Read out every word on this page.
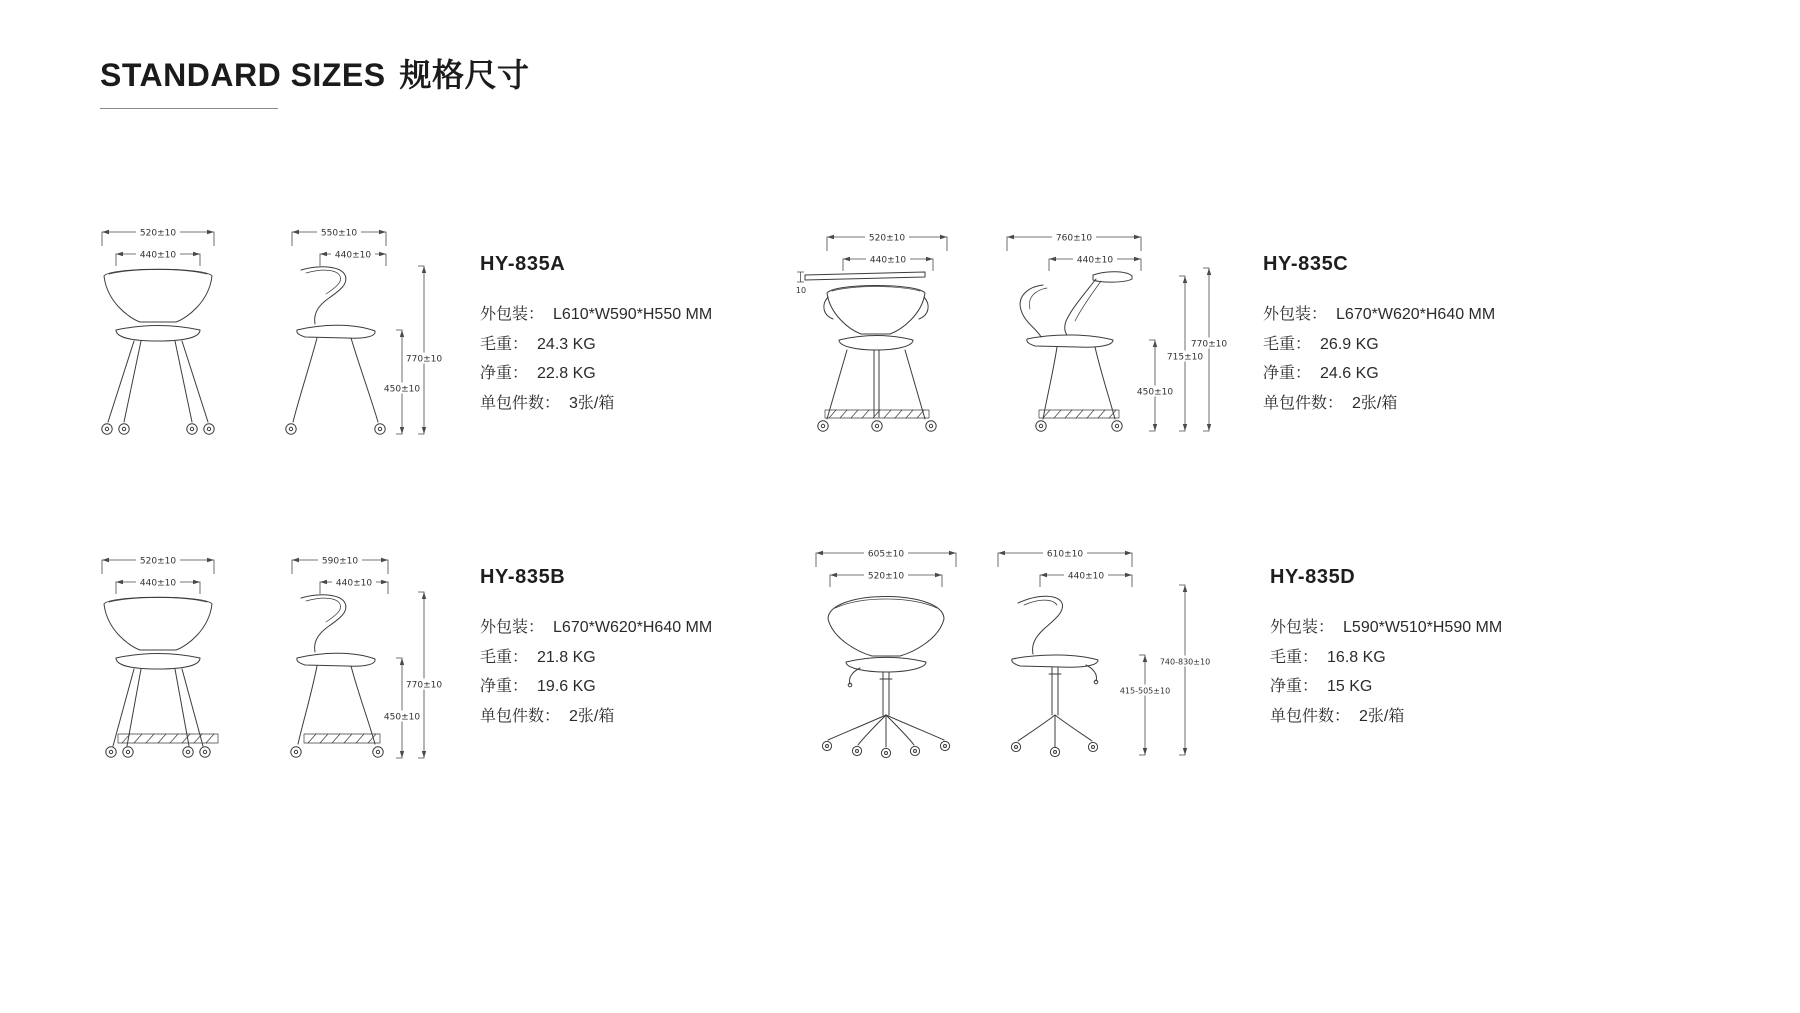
STANDARD SIZES 规格尺寸
520±10
440±10
550±10
440±10
450±10
770±10
HY-835A
外包装： L610*W590*H550 MM
毛重： 24.3 KG
净重： 22.8 KG
单包件数： 3张/箱
520±10
440±10
590±10
440±10
450±10
770±10
HY-835B
外包装： L670*W620*H640 MM
毛重： 21.8 KG
净重： 19.6 KG
单包件数： 2张/箱
520±10
440±10
10
760±10
440±10
450±10
715±10
770±10
HY-835C
外包装： L670*W620*H640 MM
毛重： 26.9 KG
净重： 24.6 KG
单包件数： 2张/箱
605±10
520±10
610±10
440±10
415-505±10
740-830±10
HY-835D
外包装： L590*W510*H590 MM
毛重： 16.8 KG
净重： 15 KG
单包件数： 2张/箱
